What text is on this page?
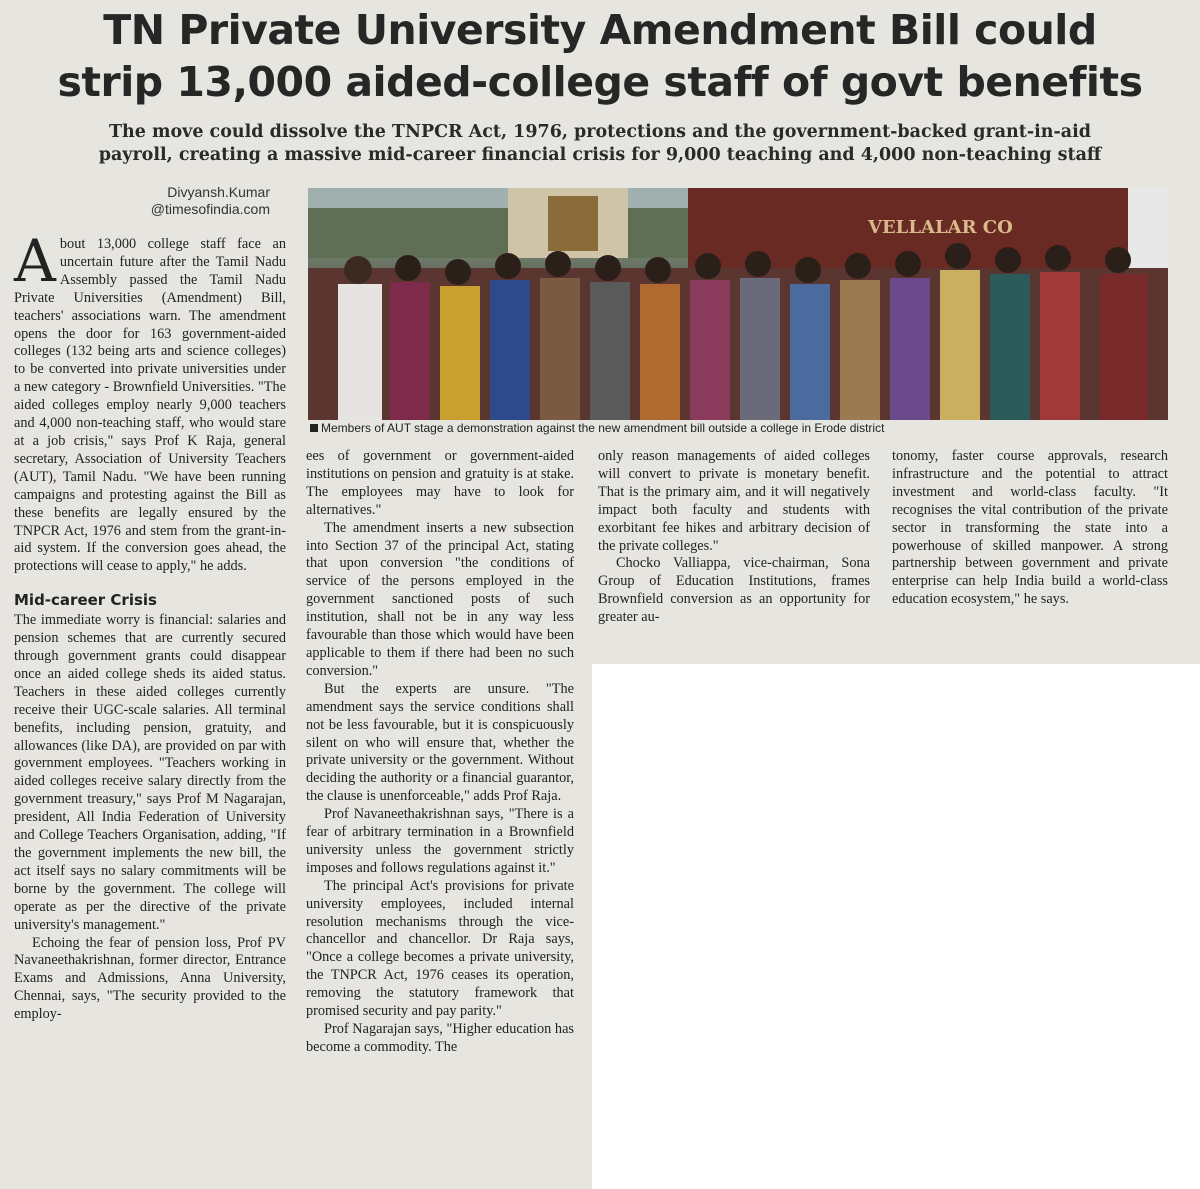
TN Private University Amendment Bill could
strip 13,000 aided-college staff of govt benefits
The move could dissolve the TNPCR Act, 1976, protections and the government-backed grant-in-aid
payroll, creating a massive mid-career financial crisis for 9,000 teaching and 4,000 non-teaching staff
Divyansh.Kumar
@timesofindia.com
VELLALAR CO
Members of AUT stage a demonstration against the new amendment bill outside a college in Erode district

About 13,000 college staff face an uncertain future after the Tamil Nadu Assembly passed the Tamil Nadu Private Universities (Amendment) Bill, teachers' associations warn. The amendment opens the door for 163 government-aided colleges (132 being arts and science colleges) to be converted into private universities under a new category - Brownfield Universities. "The aided colleges employ nearly 9,000 teachers and 4,000 non-teaching staff, who would stare at a job crisis," says Prof K Raja, general secretary, Association of University Teachers (AUT), Tamil Nadu. "We have been running campaigns and protesting against the Bill as these benefits are legally ensured by the TNPCR Act, 1976 and stem from the grant-in-aid system. If the conversion goes ahead, the protections will cease to apply," he adds.

Mid-career Crisis

The immediate worry is financial: salaries and pension schemes that are currently secured through government grants could disappear once an aided college sheds its aided status. Teachers in these aided colleges currently receive their UGC-scale salaries. All terminal benefits, including pension, gratuity, and allowances (like DA), are provided on par with government employees. "Teachers working in aided colleges receive salary directly from the government treasury," says Prof M Nagarajan, president, All India Federation of University and College Teachers Organisation, adding, "If the government implements the new bill, the act itself says no salary commitments will be borne by the government. The college will operate as per the directive of the private university's management."

Echoing the fear of pension loss, Prof PV Navaneethakrishnan, former director, Entrance Exams and Admissions, Anna University, Chennai, says, "The security provided to the employ-

ees of government or government-aided institutions on pension and gratuity is at stake. The employees may have to look for alternatives."

The amendment inserts a new subsection into Section 37 of the principal Act, stating that upon conversion "the conditions of service of the persons employed in the government sanctioned posts of such institution, shall not be in any way less favourable than those which would have been applicable to them if there had been no such conversion."

But the experts are unsure. "The amendment says the service conditions shall not be less favourable, but it is conspicuously silent on who will ensure that, whether the private university or the government. Without deciding the authority or a financial guarantor, the clause is unenforceable," adds Prof Raja.

Prof Navaneethakrishnan says, "There is a fear of arbitrary termination in a Brownfield university unless the government strictly imposes and follows regulations against it."

The principal Act's provisions for private university employees, included internal resolution mechanisms through the vice-chancellor and chancellor. Dr Raja says, "Once a college becomes a private university, the TNPCR Act, 1976 ceases its operation, removing the statutory framework that promised security and pay parity."

Prof Nagarajan says, "Higher education has become a commodity. The

only reason managements of aided colleges will convert to private is monetary benefit. That is the primary aim, and it will negatively impact both faculty and students with exorbitant fee hikes and arbitrary decision of the private colleges."

Chocko Valliappa, vice-chairman, Sona Group of Education Institutions, frames Brownfield conversion as an opportunity for greater au-

tonomy, faster course approvals, research infrastructure and the potential to attract investment and world-class faculty. "It recognises the vital contribution of the private sector in transforming the state into a powerhouse of skilled manpower. A strong partnership between government and private enterprise can help India build a world-class education ecosystem," he says.
